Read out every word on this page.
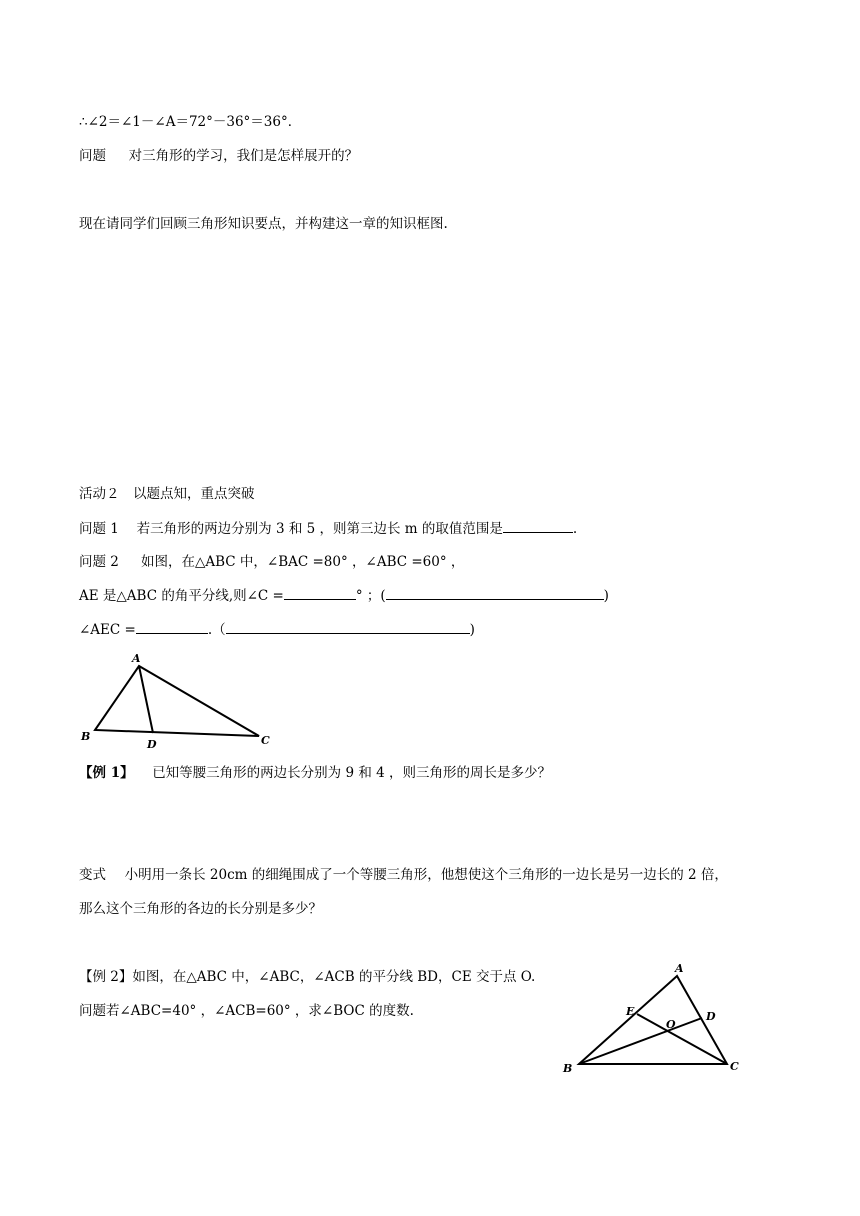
∴∠2＝∠1－∠A＝72°－36°＝36°．
问题 对三角形的学习，我们是怎样展开的？
现在请同学们回顾三角形知识要点，并构建这一章的知识框图.
活动２　以题点知，重点突破
问题 1　 若三角形的两边分别为 3 和 5 ，则第三边长 m 的取值范围是	.
问题 2 　 如图，在△ABC 中，∠BAC =80° ，∠ABC =60° ，
AE 是△ABC 的角平分线,则∠C =	° ；(	)
∠AEC =	.（	)
A
B	C
D
【例 1】 已知等腰三角形的两边长分别为 9 和 4 ，则三角形的周长是多少？
变式 小明用一条长 20cm 的细绳围成了一个等腰三角形，他想使这个三角形的一边长是另一边长的 2 倍，
那么这个三角形的各边的长分别是多少？
【例 2】如图，在△ABC 中，∠ABC，∠ACB 的平分线 BD，CE 交于点 O.
问题若∠ABC=40° ，∠ACB=60° ，求∠BOC 的度数.
A
B	C
D
E
O
